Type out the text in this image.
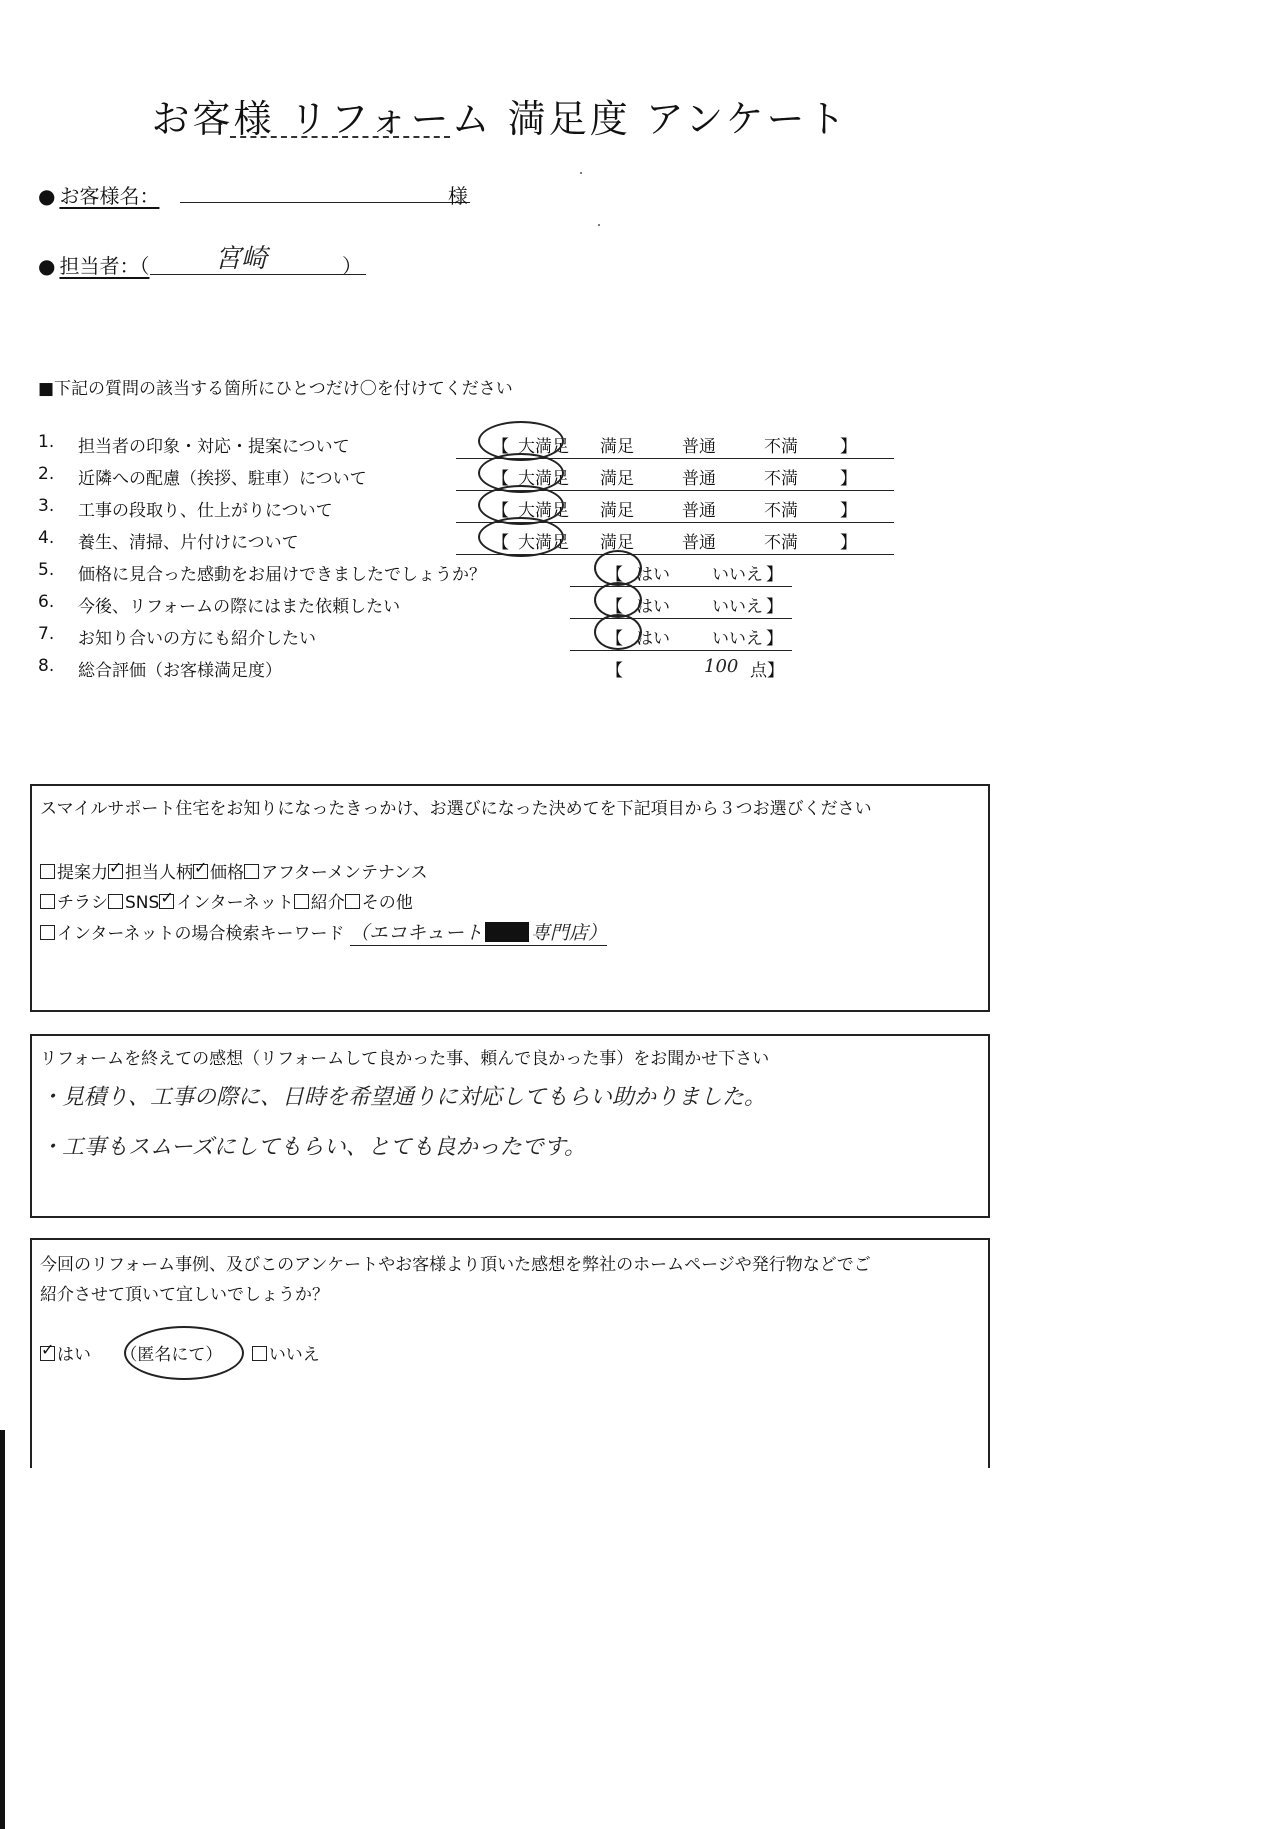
お客様 リフォーム 満足度 アンケート
● お客様名：	様
● 担当者：（	宮崎	）
■下記の質問の該当する箇所にひとつだけ〇を付けてください
1.	担当者の印象・対応・提案について	【 大満足 満足	普通	不満 】
2.	近隣への配慮（挨拶、駐車）について	【 大満足 満足	普通	不満 】
3.	工事の段取り、仕上がりについて	【 大満足 満足	普通	不満 】
4.	養生、清掃、片付けについて	【 大満足 満足	普通	不満 】
5.	価格に見合った感動をお届けできましたでしょうか？	【 はい いいえ 】
6.	今後、リフォームの際にはまた依頼したい	【 はい いいえ 】
7.	お知り合いの方にも紹介したい	【 はい いいえ 】
8.	総合評価（お客様満足度）	【	100 点】
スマイルサポート住宅をお知りになったきっかけ、お選びになった決めてを下記項目から３つお選びください
提案力 ✓ 担当人柄 ✓ 価格 アフターメンテナンス
チラシ SNS ✓ インターネット 紹介 その他
インターネットの場合検索キーワード （エコキュート	専門店）
リフォームを終えての感想（リフォームして良かった事、頼んで良かった事）をお聞かせ下さい
・見積り、工事の際に、日時を希望通りに対応してもらい助かりました。
・工事もスムーズにしてもらい、とても良かったです。
今回のリフォーム事例、及びこのアンケートやお客様より頂いた感想を弊社のホームページや発行物などでご
紹介させて頂いて宜しいでしょうか？
✓はい （匿名にて）	いいえ
